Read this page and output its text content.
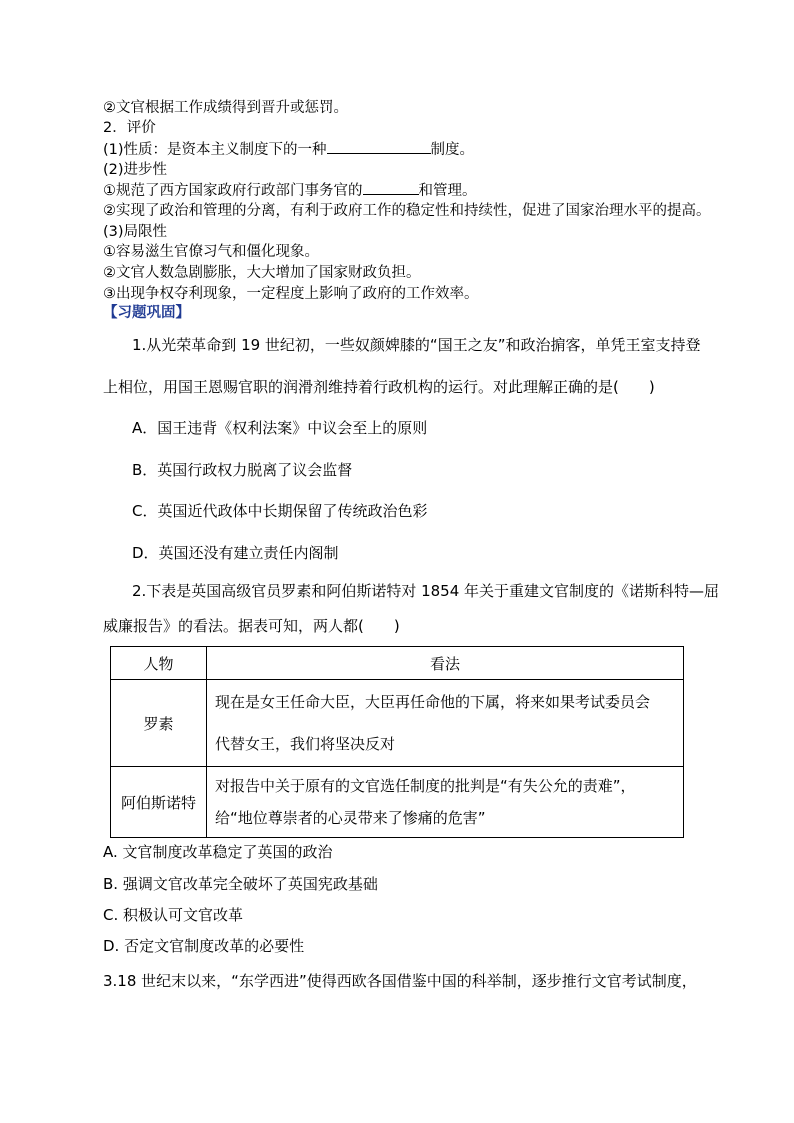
②文官根据工作成绩得到晋升或惩罚。
2．评价
(1)性质：是资本主义制度下的一种	制度。
(2)进步性
①规范了西方国家政府行政部门事务官的	和管理。
②实现了政治和管理的分离，有利于政府工作的稳定性和持续性，促进了国家治理水平的提高。
(3)局限性
①容易滋生官僚习气和僵化现象。
②文官人数急剧膨胀，大大增加了国家财政负担。
③出现争权夺利现象，一定程度上影响了政府的工作效率。
【习题巩固】
1.从光荣革命到 19 世纪初，一些奴颜婢膝的“国王之友”和政治掮客，单凭王室支持登
上相位，用国王恩赐官职的润滑剂维持着行政机构的运行。对此理解正确的是(　　)
A．国王违背《权利法案》中议会至上的原则
B．英国行政权力脱离了议会监督
C．英国近代政体中长期保留了传统政治色彩
D．英国还没有建立责任内阁制
2.下表是英国高级官员罗素和阿伯斯诺特对 1854 年关于重建文官制度的《诺斯科特—屈
威廉报告》的看法。据表可知，两人都(　　)
人物	看法
罗素	现在是女王任命大臣，大臣再任命他的下属，将来如果考试委员会
代替女王，我们将坚决反对

阿伯斯诺特	对报告中关于原有的文官选任制度的批判是“有失公允的责难”，
给“地位尊崇者的心灵带来了惨痛的危害”
A. 文官制度改革稳定了英国的政治
B. 强调文官改革完全破坏了英国宪政基础
C. 积极认可文官改革
D. 否定文官制度改革的必要性
3.18 世纪末以来，“东学西进”使得西欧各国借鉴中国的科举制，逐步推行文官考试制度，
